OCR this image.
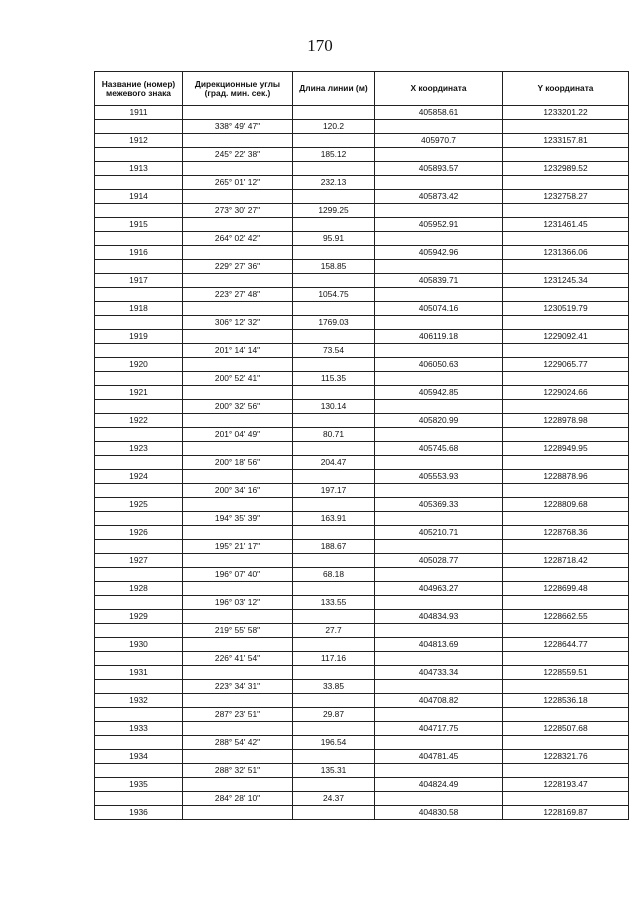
170
Название (номер) межевого знака	Дирекционные углы (град. мин. сек.)	Длина линии (м)	X координата	Y координата
1911			405858.61	1233201.22
	338° 49' 47"	120.2		
1912			405970.7	1233157.81
	245° 22' 38"	185.12		
1913			405893.57	1232989.52
	265° 01' 12"	232.13		
1914			405873.42	1232758.27
	273° 30' 27"	1299.25		
1915			405952.91	1231461.45
	264° 02' 42"	95.91		
1916			405942.96	1231366.06
	229° 27' 36"	158.85		
1917			405839.71	1231245.34
	223° 27' 48"	1054.75		
1918			405074.16	1230519.79
	306° 12' 32"	1769.03		
1919			406119.18	1229092.41
	201° 14' 14"	73.54		
1920			406050.63	1229065.77
	200° 52' 41"	115.35		
1921			405942.85	1229024.66
	200° 32' 56"	130.14		
1922			405820.99	1228978.98
	201° 04' 49"	80.71		
1923			405745.68	1228949.95
	200° 18' 56"	204.47		
1924			405553.93	1228878.96
	200° 34' 16"	197.17		
1925			405369.33	1228809.68
	194° 35' 39"	163.91		
1926			405210.71	1228768.36
	195° 21' 17"	188.67		
1927			405028.77	1228718.42
	196° 07' 40"	68.18		
1928			404963.27	1228699.48
	196° 03' 12"	133.55		
1929			404834.93	1228662.55
	219° 55' 58"	27.7		
1930			404813.69	1228644.77
	226° 41' 54"	117.16		
1931			404733.34	1228559.51
	223° 34' 31"	33.85		
1932			404708.82	1228536.18
	287° 23' 51"	29.87		
1933			404717.75	1228507.68
	288° 54' 42"	196.54		
1934			404781.45	1228321.76
	288° 32' 51"	135.31		
1935			404824.49	1228193.47
	284° 28' 10"	24.37		
1936			404830.58	1228169.87
